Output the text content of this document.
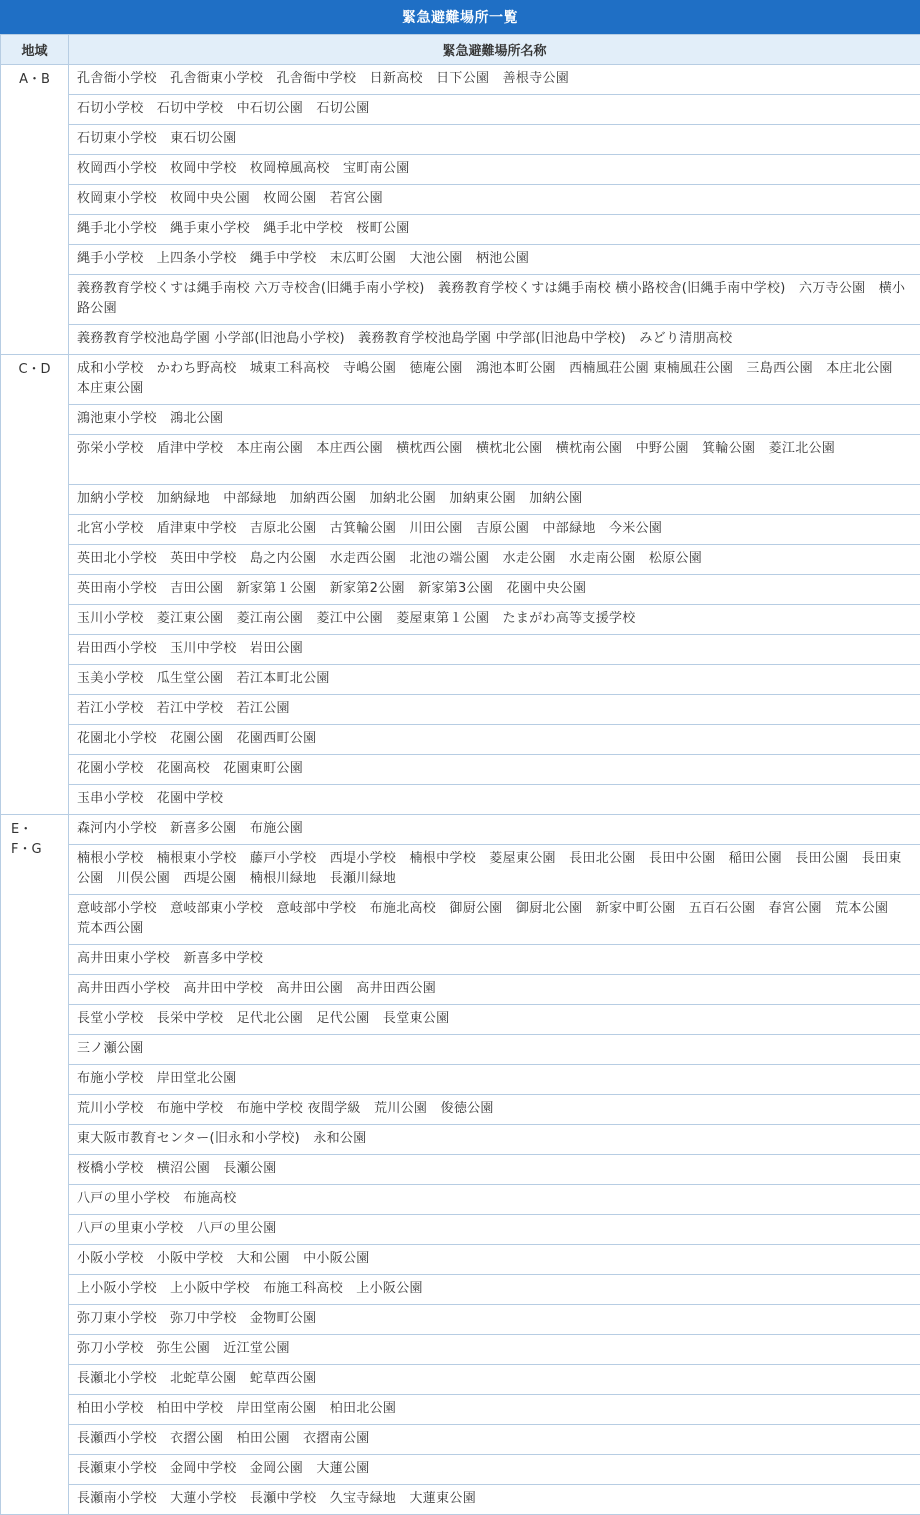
緊急避難場所一覧
地域	緊急避難場所名称

A・B	孔舎衙小学校　孔舎衙東小学校　孔舎衙中学校　日新高校　日下公園　善根寺公園
	石切小学校　石切中学校　中石切公園　石切公園
	石切東小学校　東石切公園
	枚岡西小学校　枚岡中学校　枚岡樟風高校　宝町南公園
	枚岡東小学校　枚岡中央公園　枚岡公園　若宮公園
	縄手北小学校　縄手東小学校　縄手北中学校　桜町公園
	縄手小学校　上四条小学校　縄手中学校　末広町公園　大池公園　柄池公園
	義務教育学校くすは縄手南校 六万寺校舎(旧縄手南小学校)　義務教育学校くすは縄手南校 横小路校舎(旧縄手南中学校)　六万寺公園　横小路公園
	義務教育学校池島学園 小学部(旧池島小学校)　義務教育学校池島学園 中学部(旧池島中学校)　みどり清朋高校

C・D	成和小学校　かわち野高校　城東工科高校　寺嶋公園　徳庵公園　鴻池本町公園　西楠風荘公園 東楠風荘公園　三島西公園　本庄北公園　本庄東公園
	鴻池東小学校　鴻北公園
	弥栄小学校　盾津中学校　本庄南公園　本庄西公園　横枕西公園　横枕北公園　横枕南公園　中野公園　箕輪公園　菱江北公園
	加納小学校　加納緑地　中部緑地　加納西公園　加納北公園　加納東公園　加納公園
	北宮小学校　盾津東中学校　吉原北公園　古箕輪公園　川田公園　吉原公園　中部緑地　今米公園
	英田北小学校　英田中学校　島之内公園　水走西公園　北池の端公園　水走公園　水走南公園　松原公園
	英田南小学校　吉田公園　新家第１公園　新家第2公園　新家第3公園　花園中央公園
	玉川小学校　菱江東公園　菱江南公園　菱江中公園　菱屋東第１公園　たまがわ高等支援学校
	岩田西小学校　玉川中学校　岩田公園
	玉美小学校　瓜生堂公園　若江本町北公園
	若江小学校　若江中学校　若江公園
	花園北小学校　花園公園　花園西町公園
	花園小学校　花園高校　花園東町公園
	玉串小学校　花園中学校

E・
F・G	森河内小学校　新喜多公園　布施公園
	楠根小学校　楠根東小学校　藤戸小学校　西堤小学校　楠根中学校　菱屋東公園　長田北公園　長田中公園　稲田公園　長田公園　長田東公園　川俣公園　西堤公園　楠根川緑地　長瀬川緑地
	意岐部小学校　意岐部東小学校　意岐部中学校　布施北高校　御厨公園　御厨北公園　新家中町公園　五百石公園　春宮公園　荒本公園　荒本西公園
	高井田東小学校　新喜多中学校
	高井田西小学校　高井田中学校　高井田公園　高井田西公園
	長堂小学校　長栄中学校　足代北公園　足代公園　長堂東公園
	三ノ瀬公園
	布施小学校　岸田堂北公園
	荒川小学校　布施中学校　布施中学校 夜間学級　荒川公園　俊徳公園
	東大阪市教育センター(旧永和小学校)　永和公園
	桜橋小学校　横沼公園　長瀬公園
	八戸の里小学校　布施高校
	八戸の里東小学校　八戸の里公園
	小阪小学校　小阪中学校　大和公園　中小阪公園
	上小阪小学校　上小阪中学校　布施工科高校　上小阪公園
	弥刀東小学校　弥刀中学校　金物町公園
	弥刀小学校　弥生公園　近江堂公園
	長瀬北小学校　北蛇草公園　蛇草西公園
	柏田小学校　柏田中学校　岸田堂南公園　柏田北公園
	長瀬西小学校　衣摺公園　柏田公園　衣摺南公園
	長瀬東小学校　金岡中学校　金岡公園　大蓮公園
	長瀬南小学校　大蓮小学校　長瀬中学校　久宝寺緑地　大蓮東公園
